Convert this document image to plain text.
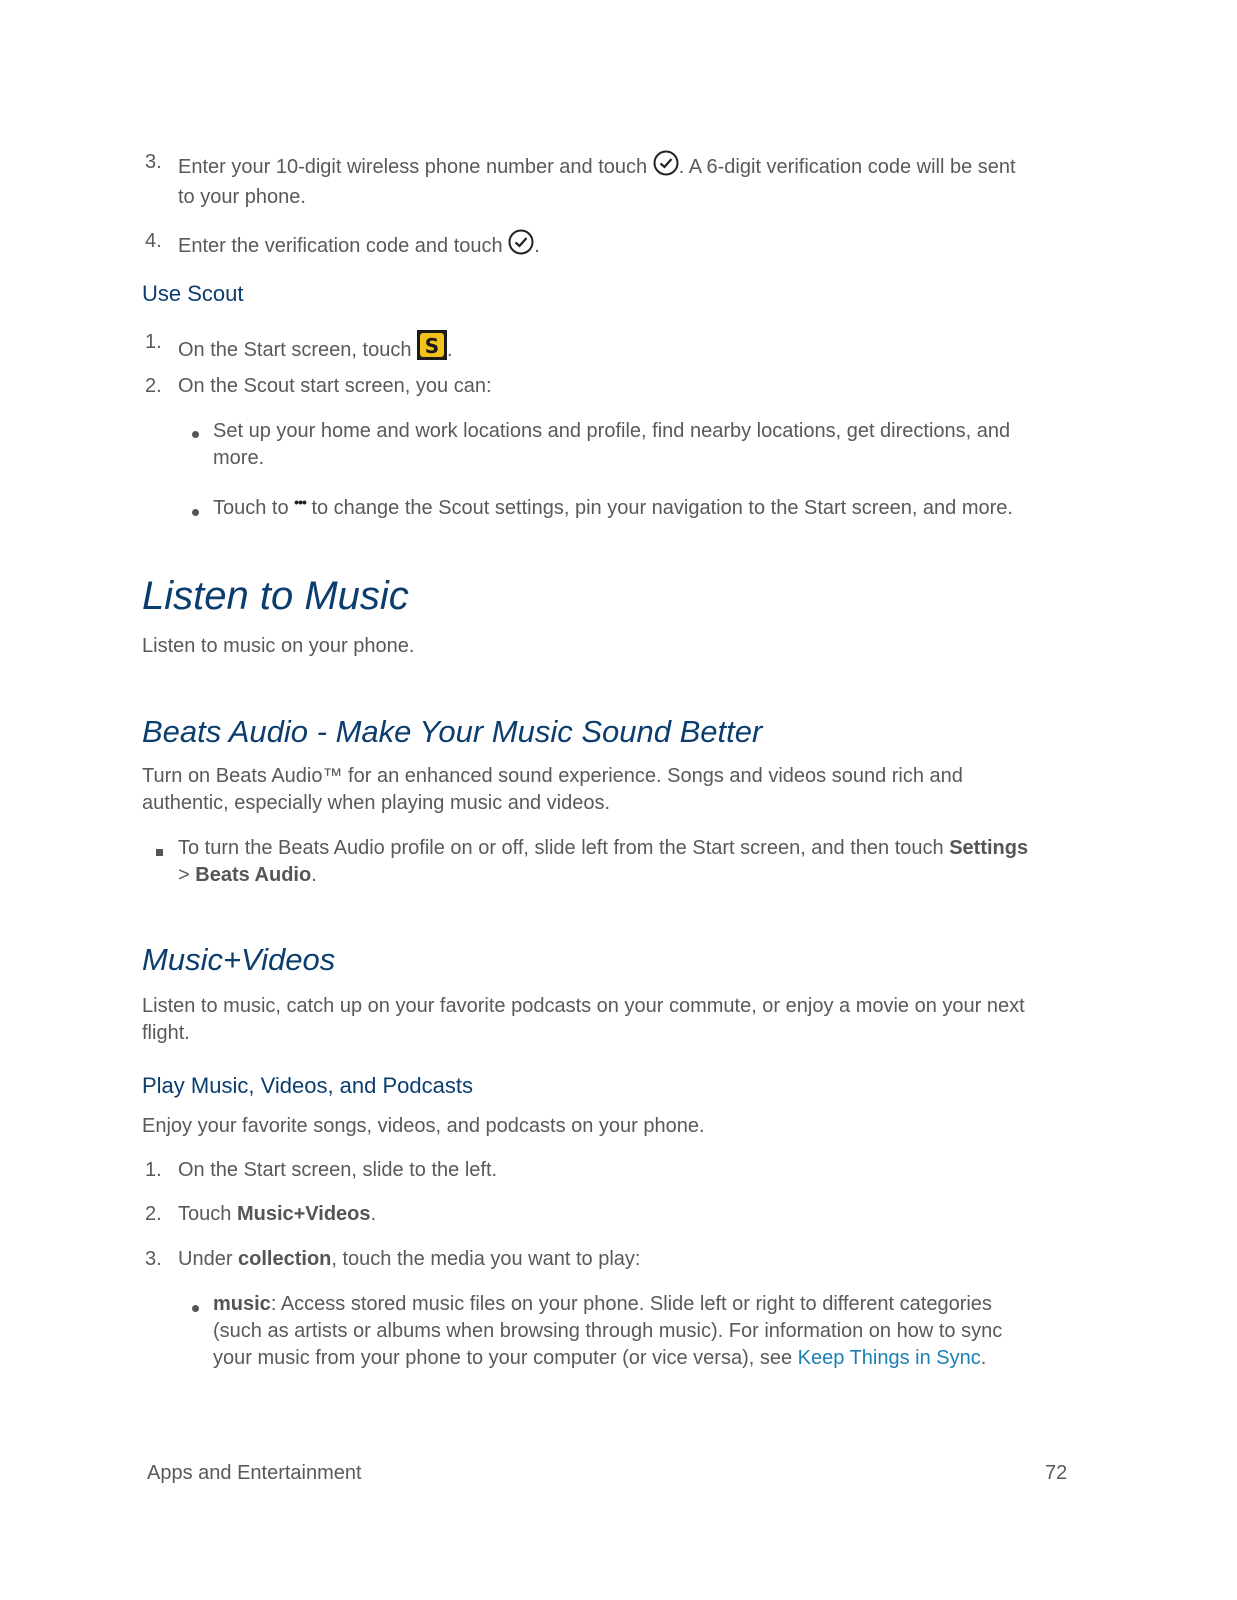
3. Enter your 10-digit wireless phone number and touch . A 6-digit verification code will be sent
to your phone.
4. Enter the verification code and touch .
Use Scout
1. On the Start screen, touch S .
2. On the Scout start screen, you can:
Set up your home and work locations and profile, find nearby locations, get directions, and
more.
Touch to ••• to change the Scout settings, pin your navigation to the Start screen, and more.
Listen to Music
Listen to music on your phone.
Beats Audio - Make Your Music Sound Better
Turn on Beats Audio™ for an enhanced sound experience. Songs and videos sound rich and
authentic, especially when playing music and videos.
To turn the Beats Audio profile on or off, slide left from the Start screen, and then touch Settings
> Beats Audio.
Music+Videos
Listen to music, catch up on your favorite podcasts on your commute, or enjoy a movie on your next
flight.
Play Music, Videos, and Podcasts
Enjoy your favorite songs, videos, and podcasts on your phone.
1. On the Start screen, slide to the left.
2. Touch Music+Videos.
3. Under collection, touch the media you want to play:
music: Access stored music files on your phone. Slide left or right to different categories
(such as artists or albums when browsing through music). For information on how to sync
your music from your phone to your computer (or vice versa), see Keep Things in Sync.
Apps and Entertainment	72
